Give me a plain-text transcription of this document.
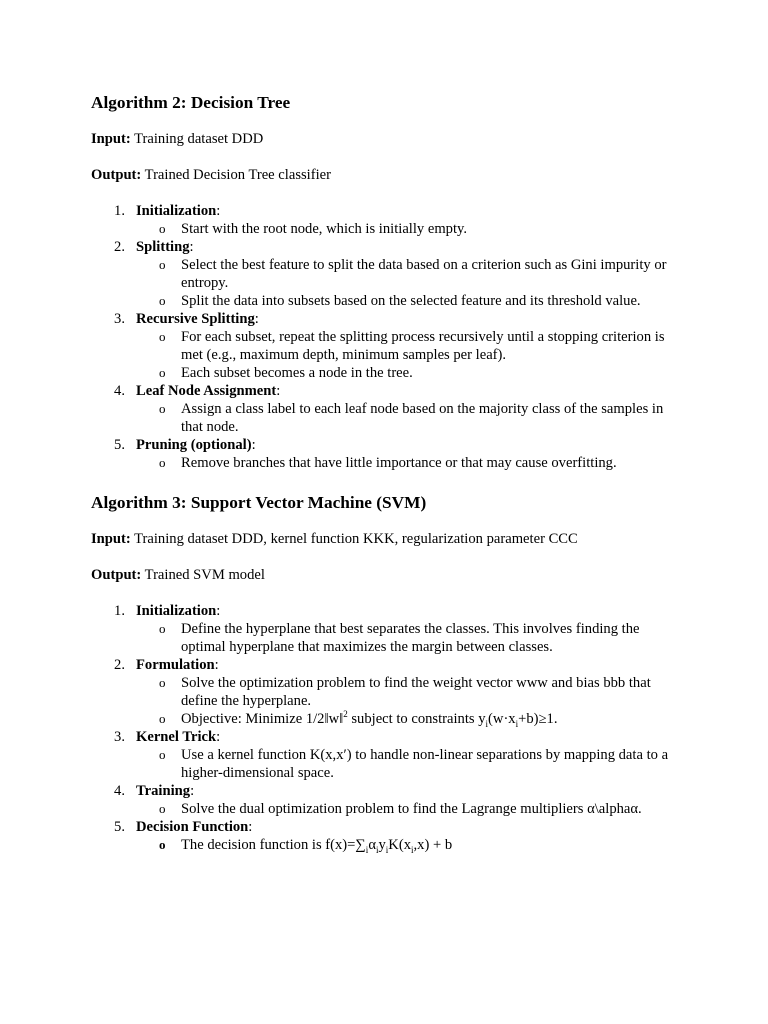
Algorithm 2: Decision Tree

Input: Training dataset DDD

Output: Trained Decision Tree classifier

1. Initialization:
o Start with the root node, which is initially empty.
2. Splitting:
o Select the best feature to split the data based on a criterion such as Gini impurity or entropy.
o Split the data into subsets based on the selected feature and its threshold value.
3. Recursive Splitting:
o For each subset, repeat the splitting process recursively until a stopping criterion is met (e.g., maximum depth, minimum samples per leaf).
o Each subset becomes a node in the tree.
4. Leaf Node Assignment:
o Assign a class label to each leaf node based on the majority class of the samples in that node.
5. Pruning (optional):
o Remove branches that have little importance or that may cause overfitting.
Algorithm 3: Support Vector Machine (SVM)

Input: Training dataset DDD, kernel function KKK, regularization parameter CCC

Output: Trained SVM model

1. Initialization:
o Define the hyperplane that best separates the classes. This involves finding the optimal hyperplane that maximizes the margin between classes.
2. Formulation:
o Solve the optimization problem to find the weight vector www and bias bbb that define the hyperplane.
o Objective: Minimize 1/2‖w‖$^2$ subject to constraints $y_i(w\cdot x_i+b)\ge 1$.
3. Kernel Trick:
o Use a kernel function K(x,x′) to handle non-linear separations by mapping data to a higher-dimensional space.
4. Training:
o Solve the dual optimization problem to find the Lagrange multipliers α\alphaα.
5. Decision Function:
o The decision function is $f(x)=\sum_i\alpha_iy_iK(x_i,x) + b$
